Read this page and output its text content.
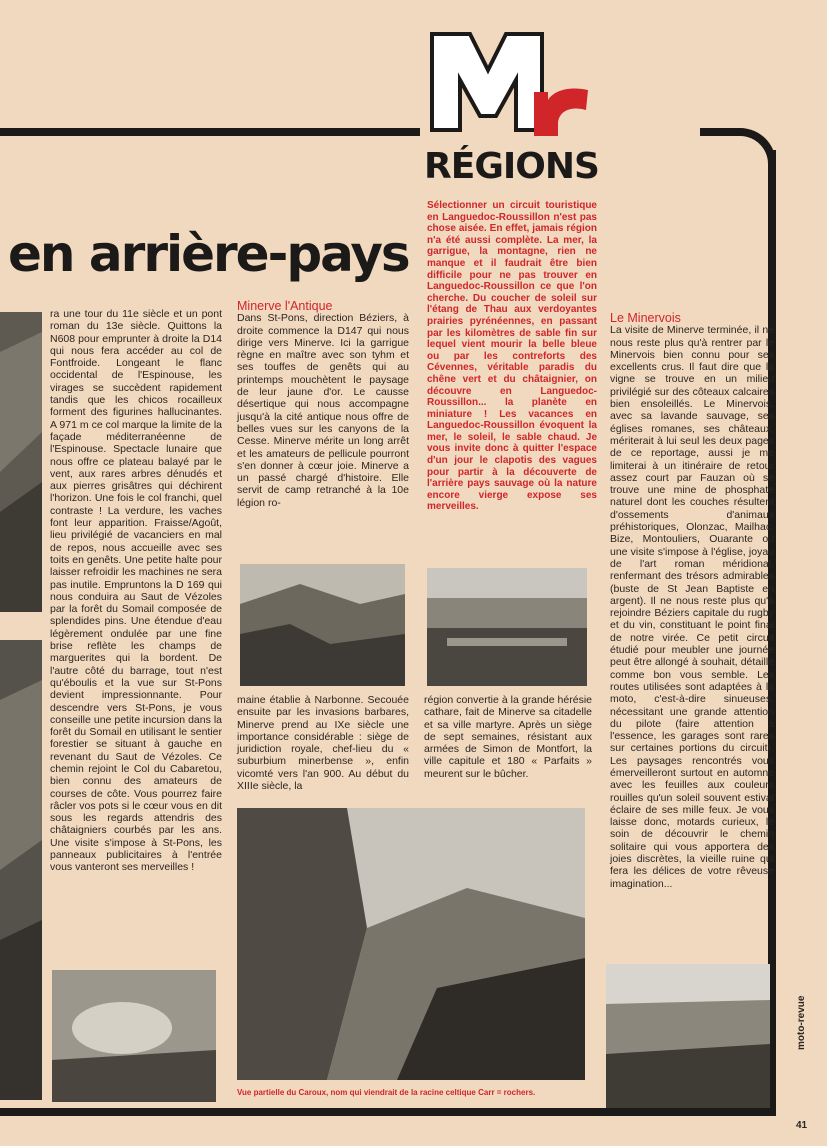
RÉGIONS
en arrière-pays
Sélectionner un circuit touristique en Languedoc-Roussillon n'est pas chose aisée. En effet, jamais région n'a été aussi complète. La mer, la garrigue, la montagne, rien ne manque et il faudrait être bien difficile pour ne pas trouver en Languedoc-Roussillon ce que l'on cherche. Du coucher de soleil sur l'étang de Thau aux verdoyantes prairies pyrénéennes, en passant par les kilomètres de sable fin sur lequel vient mourir la belle bleue ou par les contreforts des Cévennes, véritable paradis du chêne vert et du châtaignier, on découvre en Languedoc-Roussillon... la planète en miniature ! Les vacances en Languedoc-Roussillon évoquent la mer, le soleil, le sable chaud. Je vous invite donc à quitter l'espace d'un jour le clapotis des vagues pour partir à la découverte de l'arrière pays sauvage où la nature encore vierge expose ses merveilles.
ra une tour du 11e siècle et un pont roman du 13e siècle. Quittons la N608 pour emprunter à droite la D14 qui nous fera accéder au col de Fontfroide. Longeant le flanc occidental de l'Espinouse, les virages se succèdent rapidement tandis que les chicos rocailleux forment des figurines hallucinantes. A 971 m ce col marque la limite de la façade méditerranéenne de l'Espinouse. Spectacle lunaire que nous offre ce plateau balayé par le vent, aux rares arbres dénudés et aux pierres grisâtres qui déchirent l'horizon. Une fois le col franchi, quel contraste ! La verdure, les vaches font leur apparition. Fraisse/Agoût, lieu privilégié de vacanciers en mal de repos, nous accueille avec ses toits en genêts. Une petite halte pour laisser refroidir les machines ne sera pas inutile. Empruntons la D 169 qui nous conduira au Saut de Vézoles par la forêt du Somail composée de splendides pins. Une étendue d'eau légèrement ondulée par une fine brise reflète les champs de marguerites qui la bordent. De l'autre côté du barrage, tout n'est qu'éboulis et la vue sur St-Pons devient impressionnante. Pour descendre vers St-Pons, je vous conseille une petite incursion dans la forêt du Somail en utilisant le sentier forestier se situant à gauche en revenant du Saut de Vézoles. Ce chemin rejoint le Col du Cabaretou, bien connu des amateurs de courses de côte. Vous pourrez faire râcler vos pots si le cœur vous en dit sous les regards attendris des châtaigniers courbés par les ans. Une visite s'impose à St-Pons, les panneaux publicitaires à l'entrée vous vanteront ses merveilles !

Minerve l'Antique

Dans St-Pons, direction Béziers, à droite commence la D147 qui nous dirige vers Minerve. Ici la garrigue règne en maître avec son tyhm et ses touffes de genêts qui au printemps mouchètent le paysage de leur jaune d'or. Le causse désertique qui nous accompagne jusqu'à la cité antique nous offre de belles vues sur les canyons de la Cesse. Minerve mérite un long arrêt et les amateurs de pellicule pourront s'en donner à cœur joie. Minerve a un passé chargé d'histoire. Elle servit de camp retranché à la 10e légion ro-

maine établie à Narbonne. Secouée ensuite par les invasions barbares, Minerve prend au IXe siècle une importance considérable : siège de juridiction royale, chef-lieu du « suburbium minerbense », enfin vicomté vers l'an 900. Au début du XIIIe siècle, la
région convertie à la grande hérésie cathare, fait de Minerve sa citadelle et sa ville martyre. Après un siège de sept semaines, résistant aux armées de Simon de Montfort, la ville capitule et 180 « Parfaits » meurent sur le bûcher.

Le Minervois

La visite de Minerve terminée, il ne nous reste plus qu'à rentrer par le Minervois bien connu pour ses excellents crus. Il faut dire que la vigne se trouve en un milieu privilégié sur des côteaux calcaires bien ensoleillés. Le Minervois, avec sa lavande sauvage, ses églises romanes, ses châteaux, mériterait à lui seul les deux pages de ce reportage, aussi je me limiterai à un itinéraire de retour assez court par Fauzan où se trouve une mine de phosphate naturel dont les couches résultent d'ossements d'animaux préhistoriques, Olonzac, Mailhac, Bize, Montouliers, Ouarante où une visite s'impose à l'église, joyau de l'art roman méridional, renfermant des trésors admirables (buste de St Jean Baptiste en argent). Il ne nous reste plus qu'à rejoindre Béziers capitale du rugby et du vin, constituant le point final de notre virée. Ce petit circuit étudié pour meubler une journée peut être allongé à souhait, détaillé comme bon vous semble. Les routes utilisées sont adaptées à la moto, c'est-à-dire sinueuses, nécessitant une grande attention du pilote (faire attention à l'essence, les garages sont rares sur certaines portions du circuit). Les paysages rencontrés vous émerveilleront surtout en automne avec les feuilles aux couleurs rouilles qu'un soleil souvent estival éclaire de ses mille feux. Je vous laisse donc, motards curieux, le soin de découvrir le chemin solitaire qui vous apportera des joies discrètes, la vieille ruine qui fera les délices de votre rêveuse imagination...

Vue partielle du Caroux, nom qui viendrait de la racine celtique Carr = rochers.
moto-revue
41
